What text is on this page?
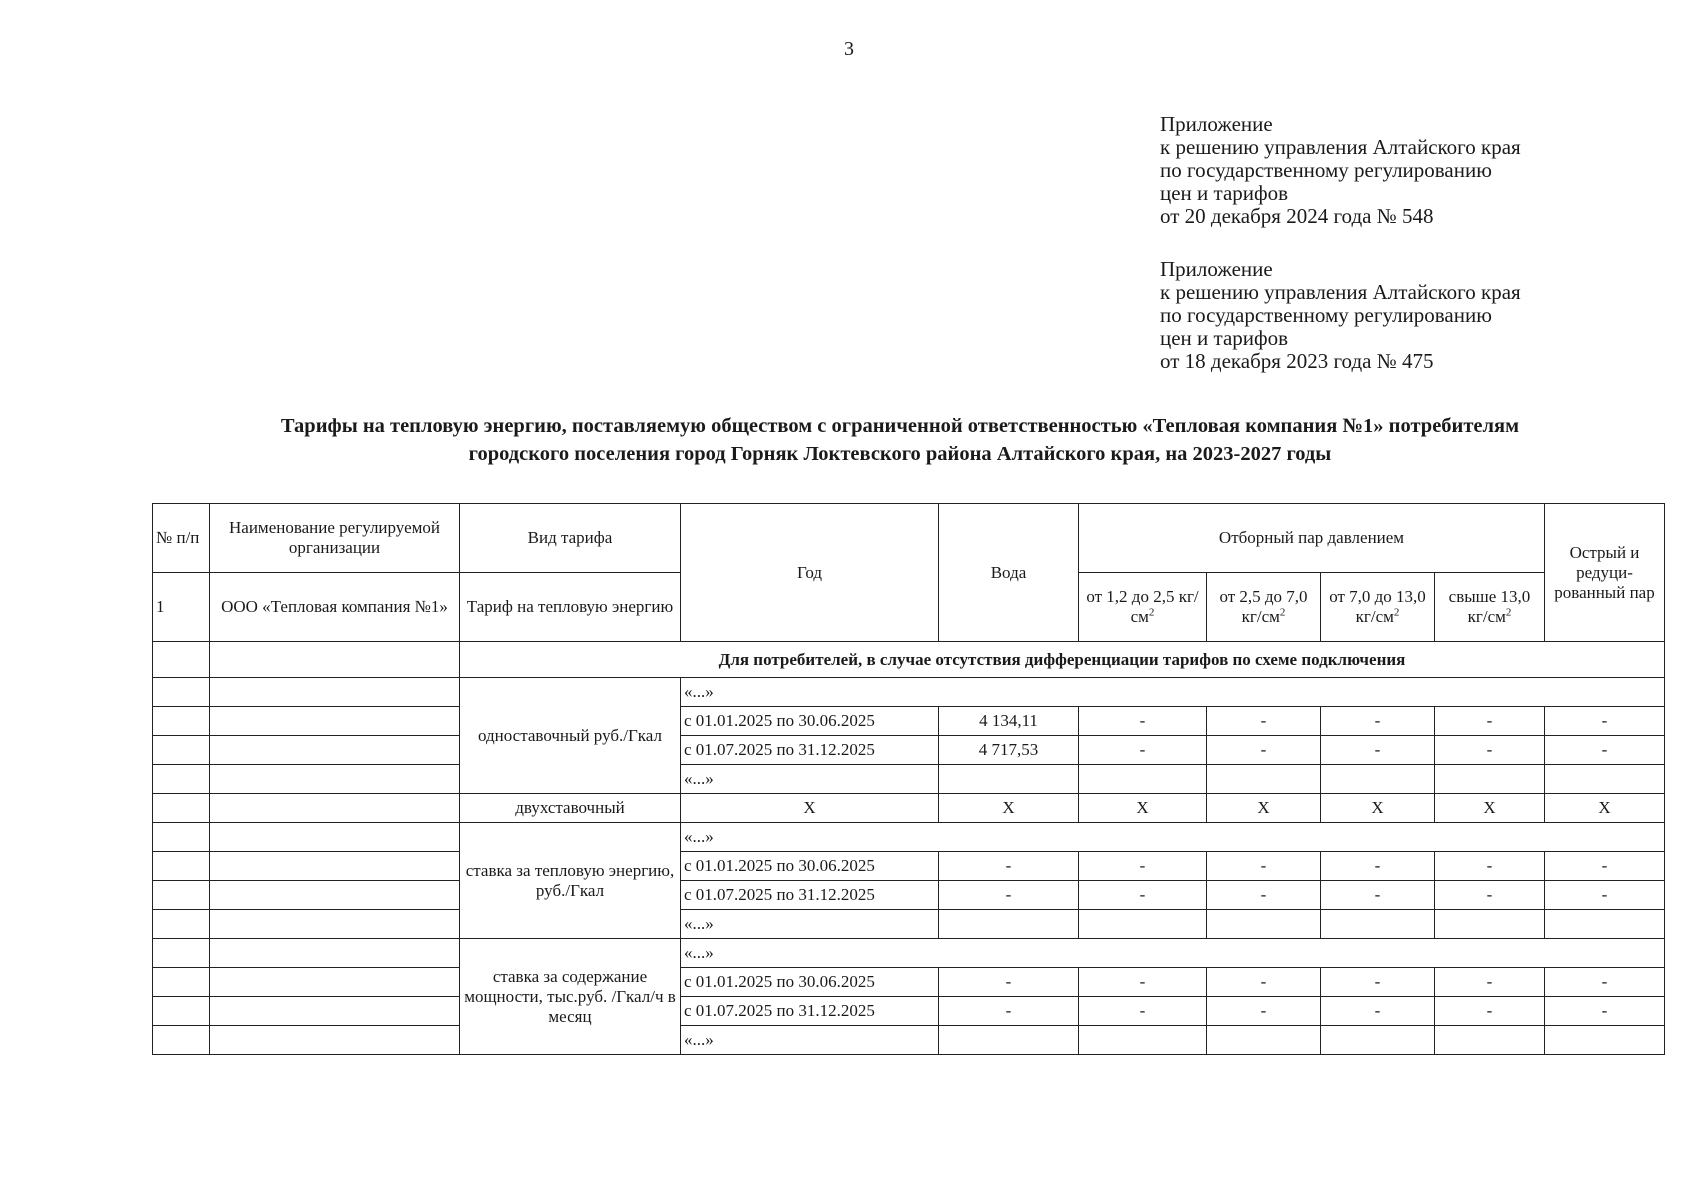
3
Приложение
к решению управления Алтайского края
по государственному регулированию
цен и тарифов
от 20 декабря 2024 года № 548
Приложение
к решению управления Алтайского края
по государственному регулированию
цен и тарифов
от 18 декабря 2023 года № 475
Тарифы на тепловую энергию, поставляемую обществом с ограниченной ответственностью «Тепловая компания №1» потребителям
городского поселения город Горняк Локтевского района Алтайского края, на 2023-2027 годы
№ п/п	Наименование регулируемой организации	Вид тарифа	Год	Вода	Отборный пар давлением				Острый и редуци-рованный пар
1	ООО «Тепловая компания №1»	Тариф на тепловую энергию			от 1,2 до 2,5 $кг/см^2$	от 2,5 до 7,0 $кг/см^2$	от 7,0 до 13,0 $кг/см^2$	свыше 13,0 $кг/см^2$
		Для потребителей, в случае отсутствия дифференциации тарифов по схеме подключения							
		одноставочный руб./Гкал	«...»						
			с 01.01.2025 по 30.06.2025	4 134,11	-	-	-	-	-
			с 01.07.2025 по 31.12.2025	4 717,53	-	-	-	-	-
			«...»						
		двухставочный	X	X	X	X	X	X	X
		ставка за тепловую энергию, руб./Гкал	«...»						
			с 01.01.2025 по 30.06.2025	-	-	-	-	-	-
			с 01.07.2025 по 31.12.2025	-	-	-	-	-	-
			«...»						
		ставка за содержание мощности, тыс.руб. /Гкал/ч в месяц	«...»						
			с 01.01.2025 по 30.06.2025	-	-	-	-	-	-
			с 01.07.2025 по 31.12.2025	-	-	-	-	-	-
			«...»						
